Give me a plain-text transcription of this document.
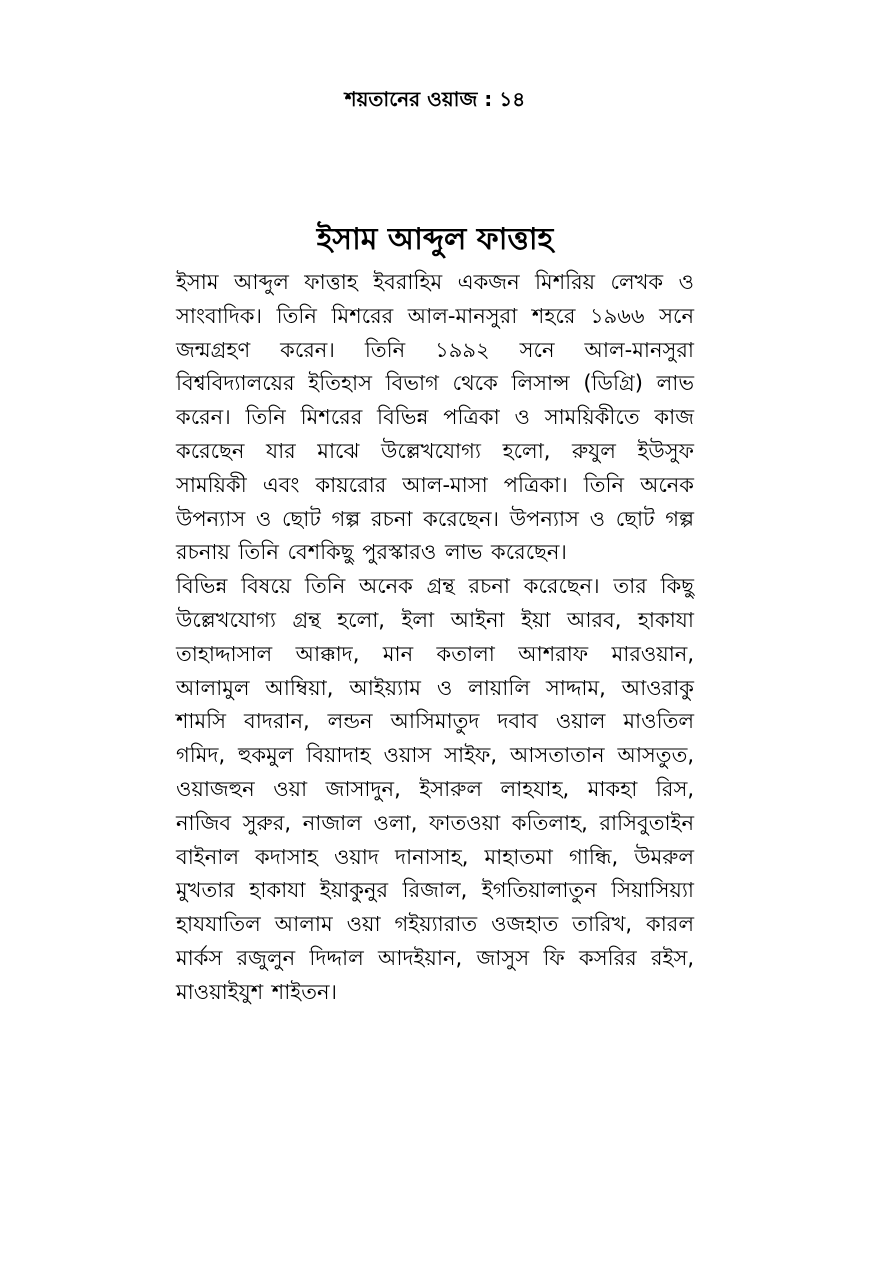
শয়তানের ওয়াজ : ১৪
ইসাম আব্দুল ফাত্তাহ

ইসাম আব্দুল ফাত্তাহ ইবরাহিম একজন মিশরিয় লেখক ও সাংবাদিক। তিনি মিশরের আল-মানসুরা শহরে ১৯৬৬ সনে জন্মগ্রহণ করেন। তিনি ১৯৯২ সনে আল-মানসুরা বিশ্ববিদ্যালয়ের ইতিহাস বিভাগ থেকে লিসান্স (ডিগ্রি) লাভ করেন। তিনি মিশরের বিভিন্ন পত্রিকা ও সাময়িকীতে কাজ করেছেন যার মাঝে উল্লেখযোগ্য হলো, রুযুল ইউসুফ সাময়িকী এবং কায়রোর আল-মাসা পত্রিকা। তিনি অনেক উপন্যাস ও ছোট গল্প রচনা করেছেন। উপন্যাস ও ছোট গল্প রচনায় তিনি বেশকিছু পুরস্কারও লাভ করেছেন।

বিভিন্ন বিষয়ে তিনি অনেক গ্রন্থ রচনা করেছেন। তার কিছু উল্লেখযোগ্য গ্রন্থ হলো, ইলা আইনা ইয়া আরব, হাকাযা তাহাদ্দাসাল আক্কাদ, মান কতালা আশরাফ মারওয়ান, আলামুল আম্বিয়া, আইয়্যাম ও লায়ালি সাদ্দাম, আওরাকু শামসি বাদরান, লন্ডন আসিমাতুদ দবাব ওয়াল মাওতিল গমিদ, হুকমুল বিয়াদাহ ওয়াস সাইফ, আসতাতান আসতুত, ওয়াজহুন ওয়া জাসাদুন, ইসারুল লাহযাহ, মাকহা রিস, নাজিব সুরুর, নাজাল ওলা, ফাতওয়া কতিলাহ, রাসিবুতাইন বাইনাল কদাসাহ ওয়াদ দানাসাহ, মাহাতমা গান্ধি, উমরুল মুখতার হাকাযা ইয়াকুনুর রিজাল, ইগতিয়ালাতুন সিয়াসিয়্যা হাযযাতিল আলাম ওয়া গইয়্যারাত ওজহাত তারিখ, কারল মার্কস রজুলুন দিদ্দাল আদইয়ান, জাসুস ফি কসরির রইস, মাওয়াইযুশ শাইতন।
